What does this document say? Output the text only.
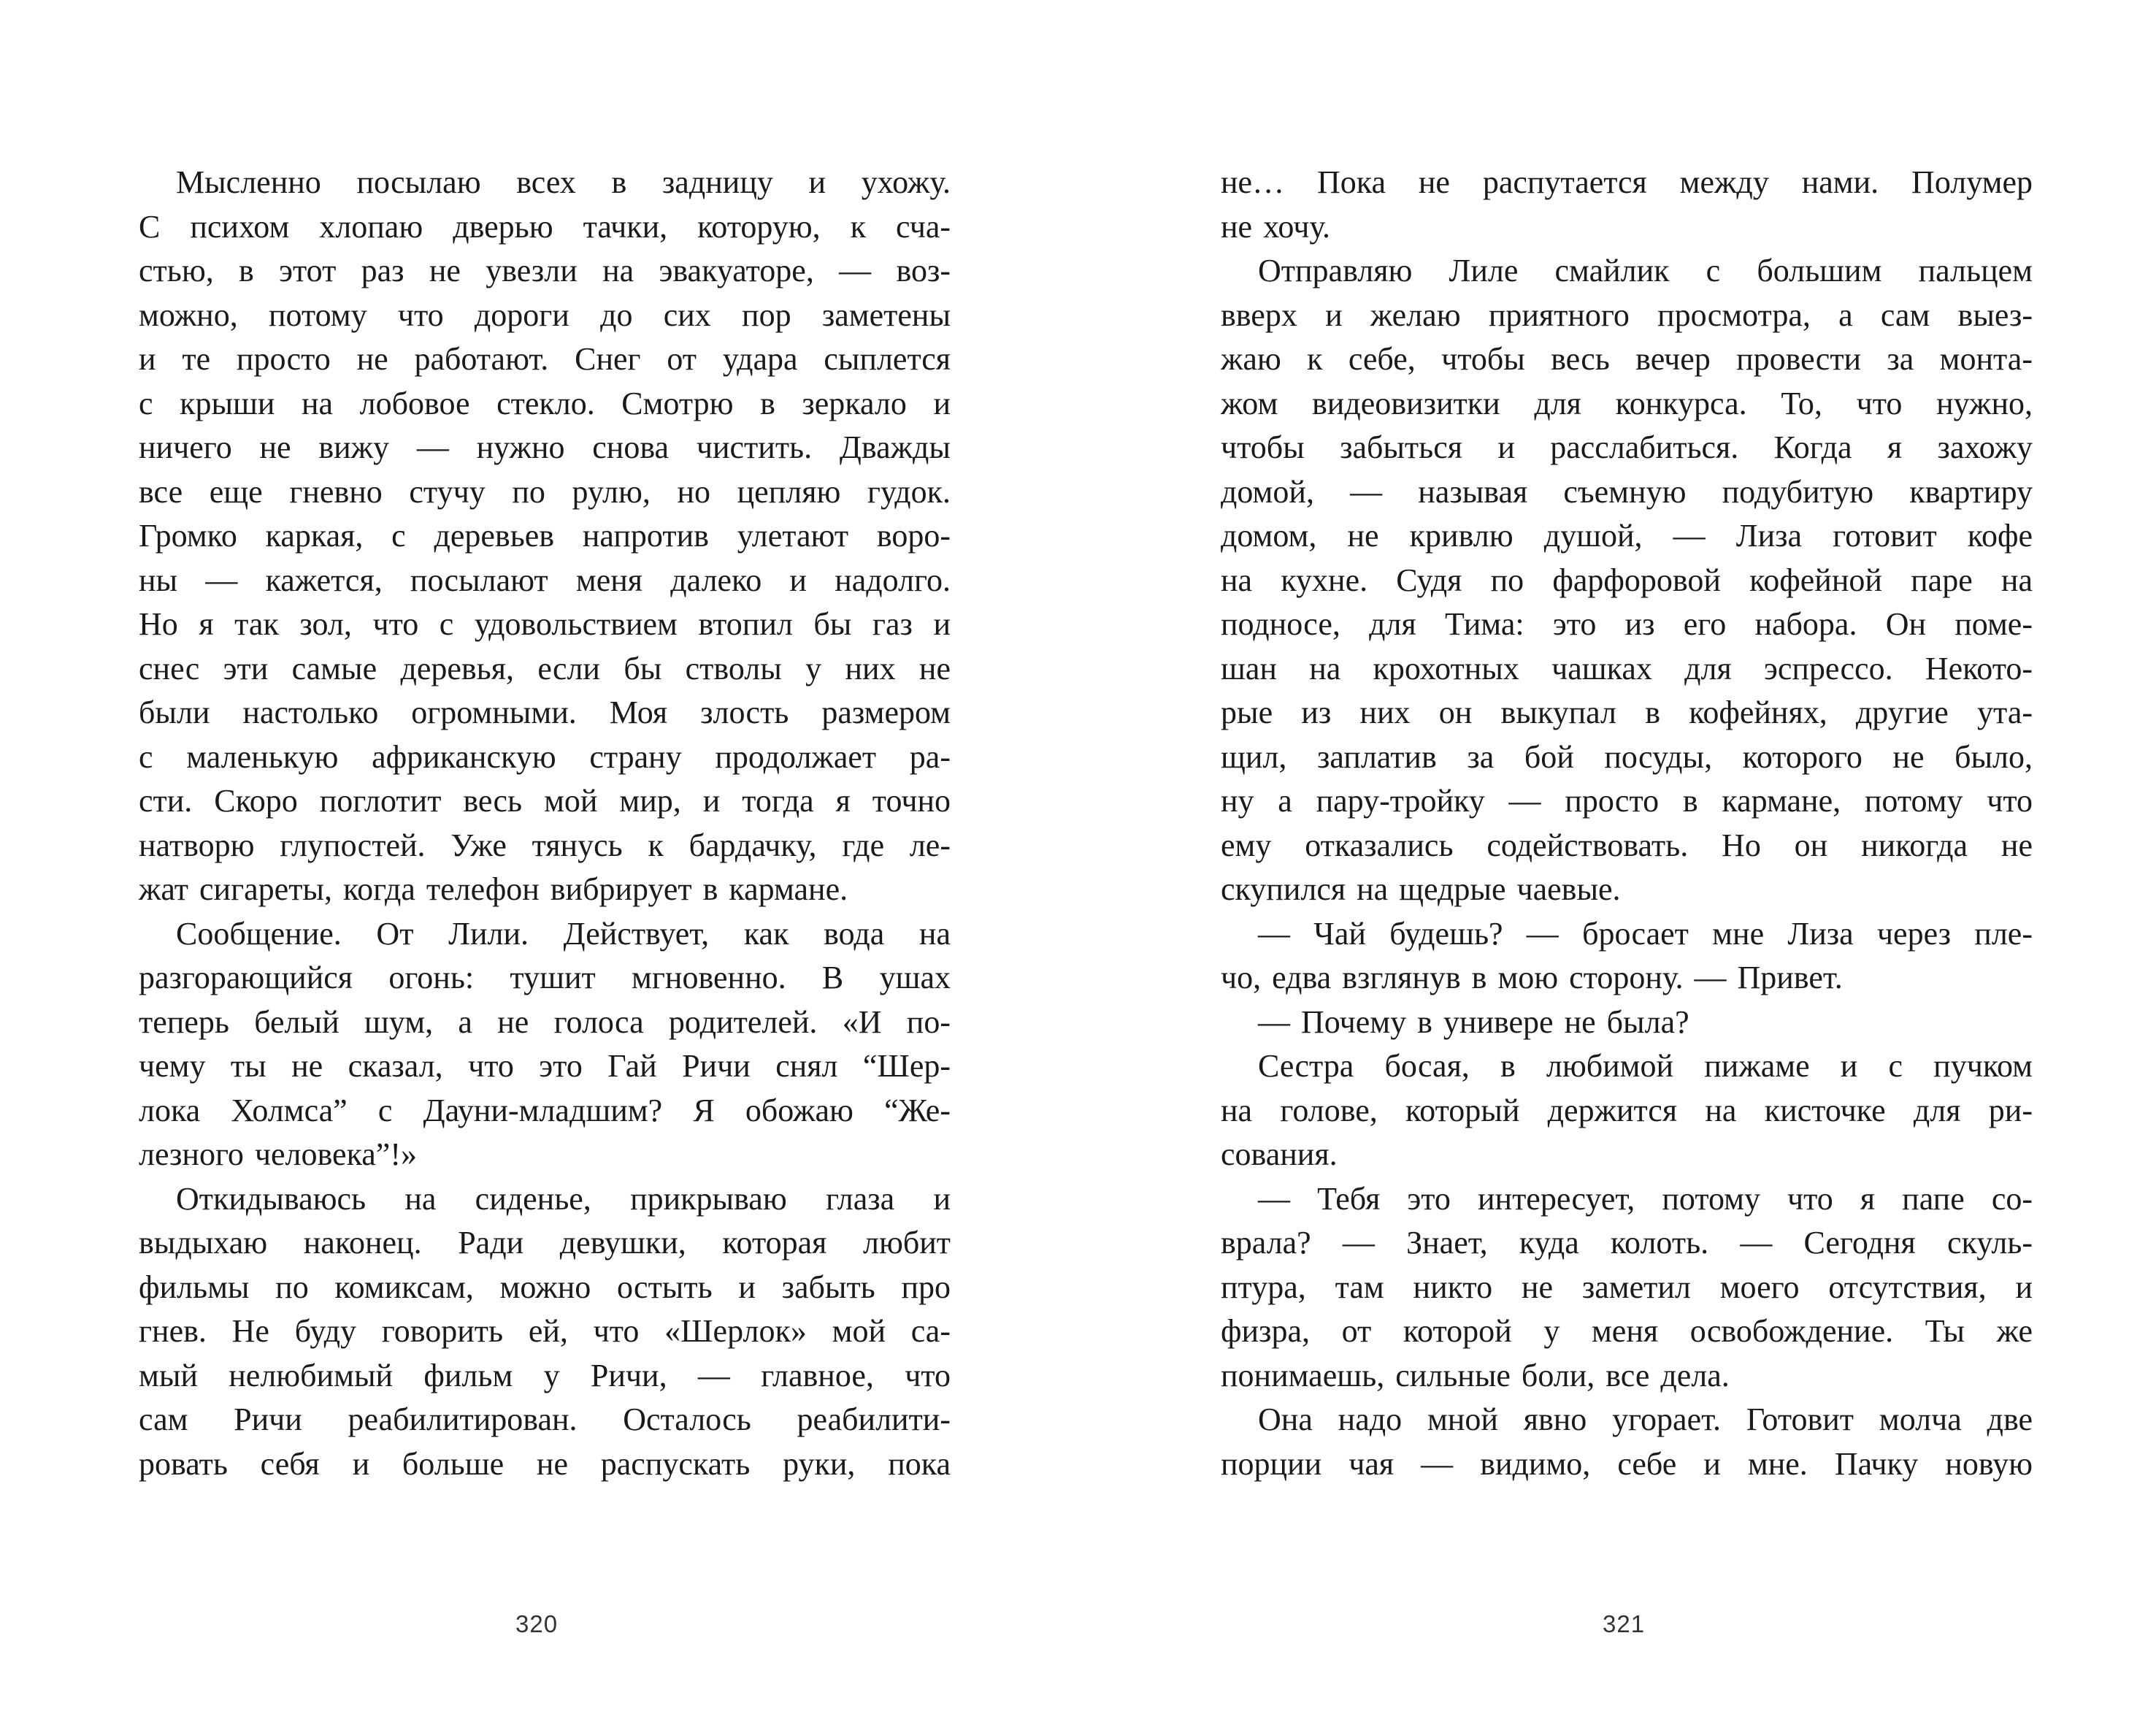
Мысленно посылаю всех в задницу и ухожу.
С психом хлопаю дверью тачки, которую, к сча-
стью, в этот раз не увезли на эвакуаторе, — воз-
можно, потому что дороги до сих пор заметены
и те просто не работают. Снег от удара сыплется
с крыши на лобовое стекло. Смотрю в зеркало и
ничего не вижу — нужно снова чистить. Дважды
все еще гневно стучу по рулю, но цепляю гудок.
Громко каркая, с деревьев напротив улетают воро-
ны — кажется, посылают меня далеко и надолго.
Но я так зол, что с удовольствием втопил бы газ и
снес эти самые деревья, если бы стволы у них не
были настолько огромными. Моя злость размером
с маленькую африканскую страну продолжает ра-
сти. Скоро поглотит весь мой мир, и тогда я точно
натворю глупостей. Уже тянусь к бардачку, где ле-
жат сигареты, когда телефон вибрирует в кармане.

Сообщение. От Лили. Действует, как вода на
разгорающийся огонь: тушит мгновенно. В ушах
теперь белый шум, а не голоса родителей. «И по-
чему ты не сказал, что это Гай Ричи снял “Шер-
лока Холмса” с Дауни-младшим? Я обожаю “Же-
лезного человека”!»

Откидываюсь на сиденье, прикрываю глаза и
выдыхаю наконец. Ради девушки, которая любит
фильмы по комиксам, можно остыть и забыть про
гнев. Не буду говорить ей, что «Шерлок» мой са-
мый нелюбимый фильм у Ричи, — главное, что
сам Ричи реабилитирован. Осталось реабилити-
ровать себя и больше не распускать руки, пока

320

не… Пока не распутается между нами. Полумер
не хочу.

Отправляю Лиле смайлик с большим пальцем
вверх и желаю приятного просмотра, а сам выез-
жаю к себе, чтобы весь вечер провести за монта-
жом видеовизитки для конкурса. То, что нужно,
чтобы забыться и расслабиться. Когда я захожу
домой, — называя съемную подубитую квартиру
домом, не кривлю душой, — Лиза готовит кофе
на кухне. Судя по фарфоровой кофейной паре на
подносе, для Тима: это из его набора. Он поме-
шан на крохотных чашках для эспрессо. Некото-
рые из них он выкупал в кофейнях, другие ута-
щил, заплатив за бой посуды, которого не было,
ну а пару-тройку — просто в кармане, потому что
ему отказались содействовать. Но он никогда не
скупился на щедрые чаевые.

— Чай будешь? — бросает мне Лиза через пле-
чо, едва взглянув в мою сторону. — Привет.

— Почему в универе не была?

Сестра босая, в любимой пижаме и с пучком
на голове, который держится на кисточке для ри-
сования.

— Тебя это интересует, потому что я папе со-
врала? — Знает, куда колоть. — Сегодня скуль-
птура, там никто не заметил моего отсутствия, и
физра, от которой у меня освобождение. Ты же
понимаешь, сильные боли, все дела.

Она надо мной явно угорает. Готовит молча две
порции чая — видимо, себе и мне. Пачку новую

321
